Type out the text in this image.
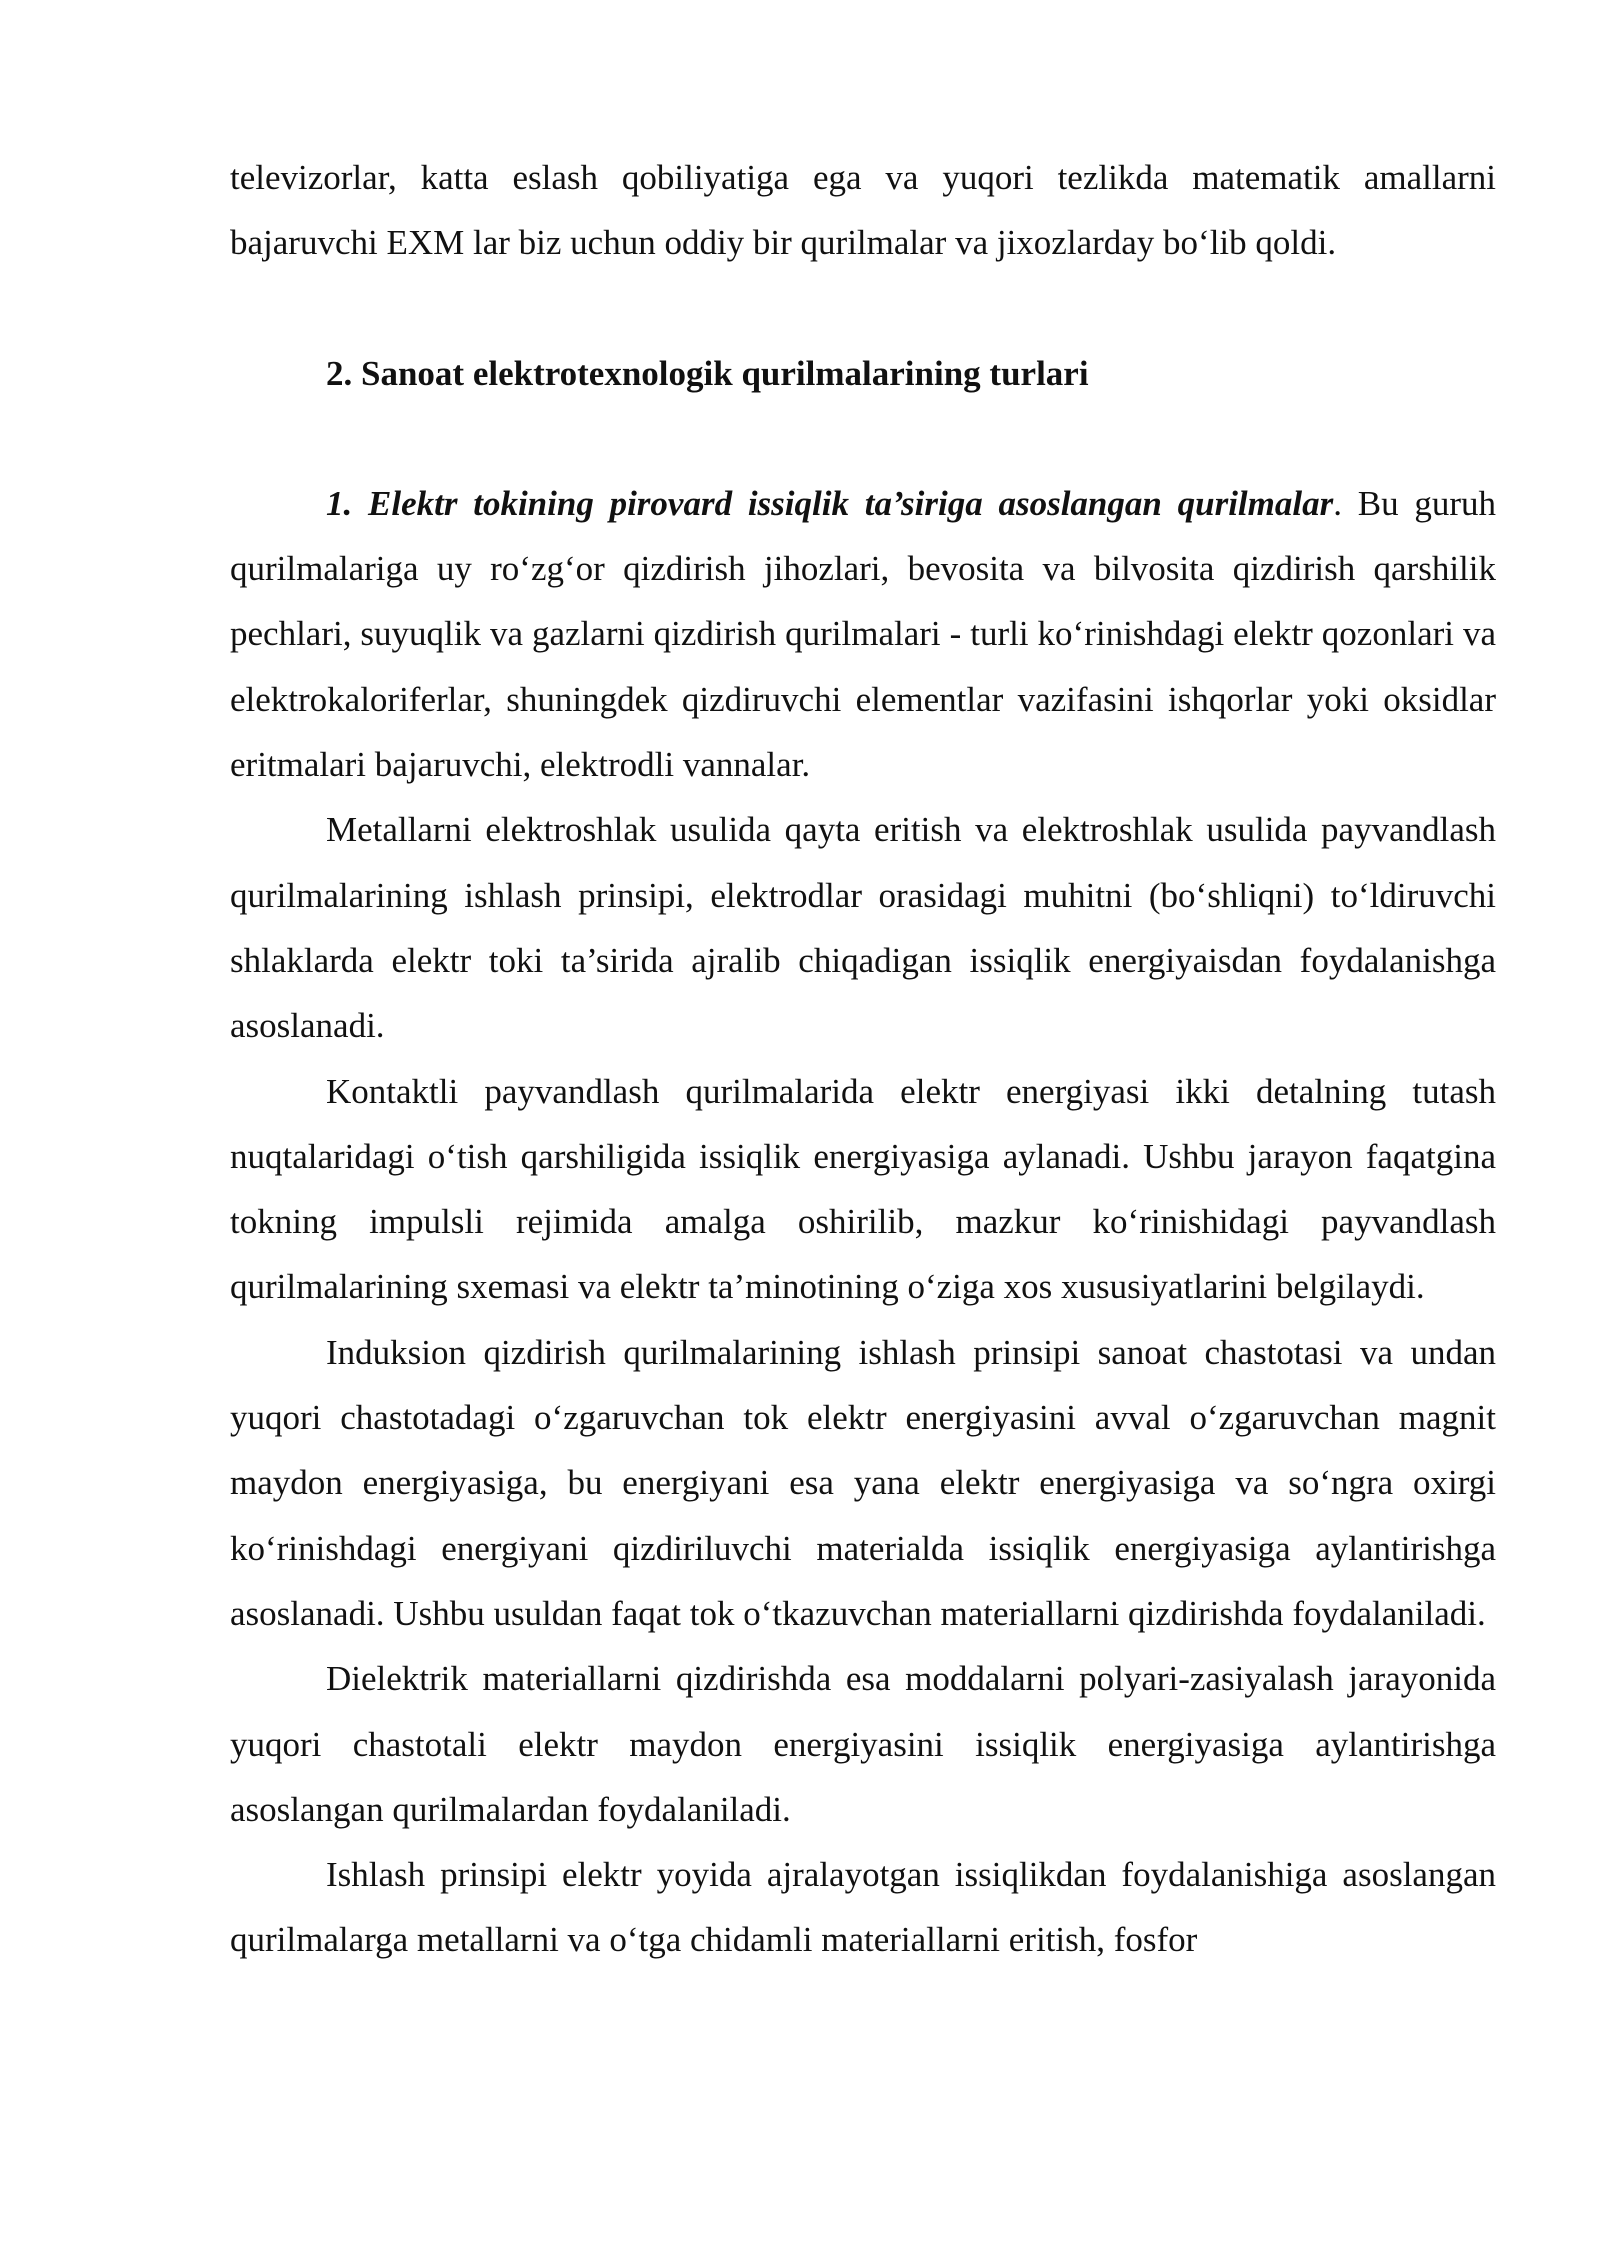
televizorlar, katta eslash qobiliyatiga ega va yuqori tezlikda matematik amallarni bajaruvchi EXM lar biz uchun oddiy bir qurilmalar va jixozlarday bo‘lib qoldi.

2. Sanoat elektrotexnologik qurilmalarining turlari

1. Elektr tokining pirovard issiqlik ta’siriga asoslangan qurilmalar. Bu guruh qurilmalariga uy ro‘zg‘or qizdirish jihozlari, bevosita va bilvosita qizdirish qarshilik pechlari, suyuqlik va gazlarni qizdirish qurilmalari - turli ko‘rinishdagi elektr qozonlari va elektrokaloriferlar, shuningdek qizdiruvchi elementlar vazifasini ishqorlar yoki oksidlar eritmalari bajaruvchi, elektrodli vannalar.

Metallarni elektroshlak usulida qayta eritish va elektroshlak usulida payvandlash qurilmalarining ishlash prinsipi, elektrodlar orasidagi muhitni (bo‘shliqni) to‘ldiruvchi shlaklarda elektr toki ta’sirida ajralib chiqadigan issiqlik energiyaisdan foydalanishga asoslanadi.

Kontaktli payvandlash qurilmalarida elektr energiyasi ikki detalning tutash nuqtalaridagi o‘tish qarshiligida issiqlik energiyasiga aylanadi. Ushbu jarayon faqatgina tokning impulsli rejimida amalga oshirilib, mazkur ko‘rinishidagi payvandlash qurilmalarining sxemasi va elektr ta’minotining o‘ziga xos xususiyatlarini belgilaydi.

Induksion qizdirish qurilmalarining ishlash prinsipi sanoat chastotasi va undan yuqori chastotadagi o‘zgaruvchan tok elektr energiyasini avval o‘zgaruvchan magnit maydon energiyasiga, bu energiyani esa yana elektr energiyasiga va so‘ngra oxirgi ko‘rinishdagi energiyani qizdiriluvchi materialda issiqlik energiyasiga aylantirishga asoslanadi. Ushbu usuldan faqat tok o‘tkazuvchan materiallarni qizdirishda foydalaniladi.

Dielektrik materiallarni qizdirishda esa moddalarni polyari-zasiyalash jarayonida yuqori chastotali elektr maydon energiyasini issiqlik energiyasiga aylantirishga asoslangan qurilmalardan foydalaniladi.

Ishlash prinsipi elektr yoyida ajralayotgan issiqlikdan foydalanishiga asoslangan qurilmalarga metallarni va o‘tga chidamli materiallarni eritish, fosfor
